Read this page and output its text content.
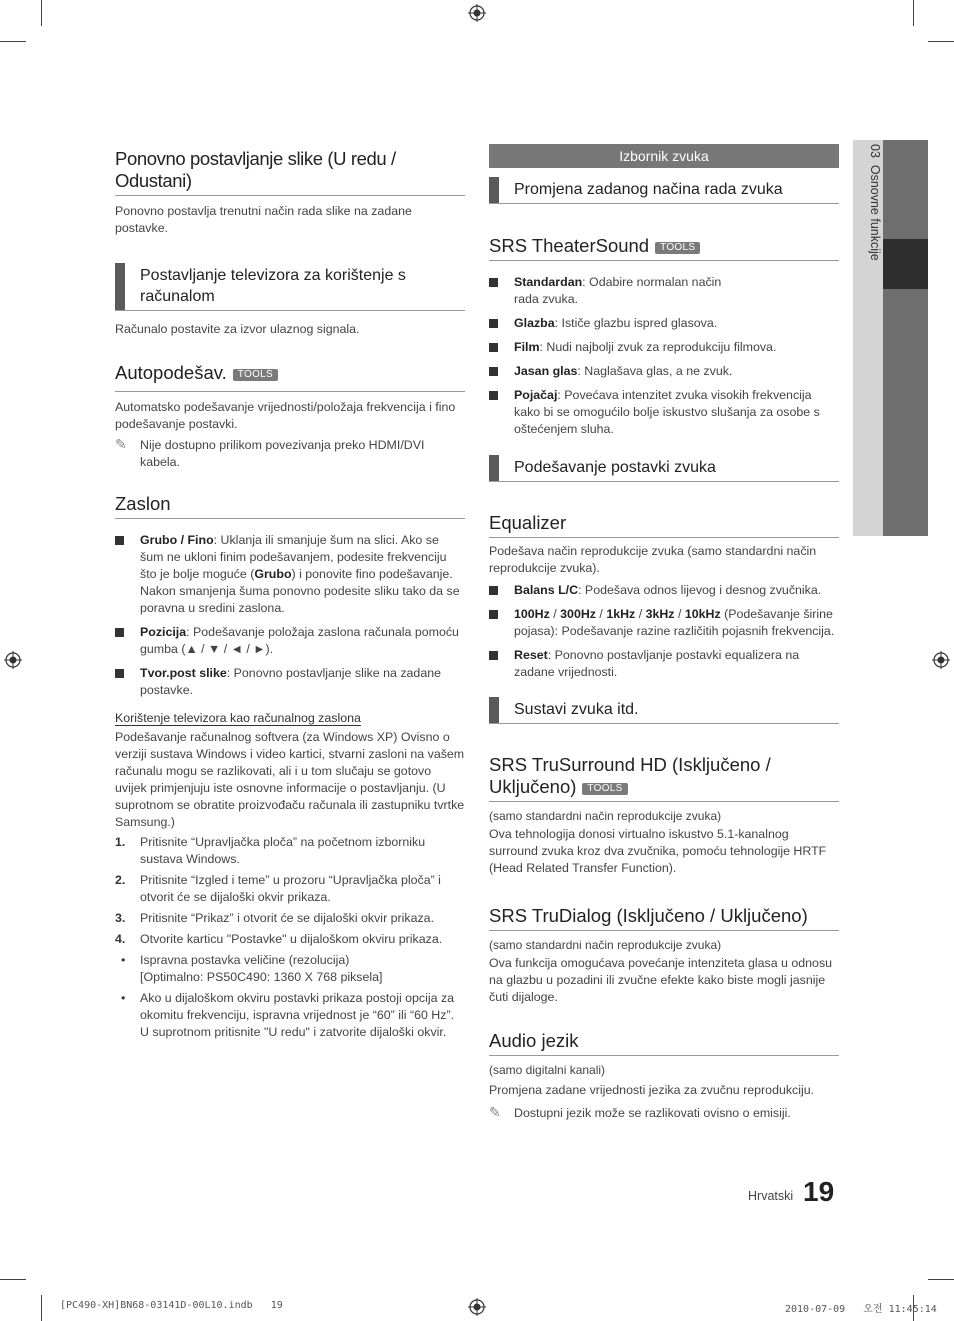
03  Osnovne funkcije
Ponovno postavljanje slike (U redu / Odustani)

Ponovno postavlja trenutni način rada slike na zadane postavke.

Postavljanje televizora za korištenje s računalom

Računalo postavite za izvor ulaznog signala.

Autopodešav. TOOLS

Automatsko podešavanje vrijednosti/položaja frekvencija i fino podešavanje postavki.

✎ Nije dostupno prilikom povezivanja preko HDMI/DVI kabela.
Zaslon
Grubo / Fino: Uklanja ili smanjuje šum na slici. Ako se šum ne ukloni finim podešavanjem, podesite frekvenciju što je bolje moguće (Grubo) i ponovite fino podešavanje. Nakon smanjenja šuma ponovno podesite sliku tako da se poravna u sredini zaslona.
Pozicija: Podešavanje položaja zaslona računala pomoću gumba (▲ / ▼ / ◄ / ►).
Tvor.post slike: Ponovno postavljanje slike na zadane postavke.
Korištenje televizora kao računalnog zaslona

Podešavanje računalnog softvera (za Windows XP) Ovisno o verziji sustava Windows i video kartici, stvarni zasloni na vašem računalu mogu se razlikovati, ali i u tom slučaju se gotovo uvijek primjenjuju iste osnovne informacije o postavljanju. (U suprotnom se obratite proizvođaču računala ili zastupniku tvrtke Samsung.)

1. Pritisnite “Upravljačka ploča” na početnom izborniku sustava Windows.
2. Pritisnite “Izgled i teme” u prozoru “Upravljačka ploča” i otvorit će se dijaloški okvir prikaza.
3. Pritisnite “Prikaz” i otvorit će se dijaloški okvir prikaza.
4. Otvorite karticu "Postavke" u dijaloškom okviru prikaza.
• Ispravna postavka veličine (rezolucija)
[Optimalno: PS50C490: 1360 X 768 piksela]
• Ako u dijaloškom okviru postavki prikaza postoji opcija za okomitu frekvenciju, ispravna vrijednost je “60” ili “60 Hz”. U suprotnom pritisnite "U redu" i zatvorite dijaloški okvir.
Izbornik zvuka
Promjena zadanog načina rada zvuka
SRS TheaterSound TOOLS
Standardan: Odabire normalan način rada zvuka.
Glazba: Ističe glazbu ispred glasova.
Film: Nudi najbolji zvuk za reprodukciju filmova.
Jasan glas: Naglašava glas, a ne zvuk.
Pojačaj: Povećava intenzitet zvuka visokih frekvencija kako bi se omogućilo bolje iskustvo slušanja za osobe s oštećenjem sluha.
Podešavanje postavki zvuka
Equalizer

Podešava način reprodukcije zvuka (samo standardni način reprodukcije zvuka).

Balans L/C: Podešava odnos lijevog i desnog zvučnika.
100Hz / 300Hz / 1kHz / 3kHz / 10kHz (Podešavanje širine pojasa): Podešavanje razine različitih pojasnih frekvencija.
Reset: Ponovno postavljanje postavki equalizera na zadane vrijednosti.
Sustavi zvuka itd.
SRS TruSurround HD (Isključeno / Uključeno) TOOLS

(samo standardni način reprodukcije zvuka)

Ova tehnologija donosi virtualno iskustvo 5.1-kanalnog surround zvuka kroz dva zvučnika, pomoću tehnologije HRTF (Head Related Transfer Function).

SRS TruDialog (Isključeno / Uključeno)

(samo standardni način reprodukcije zvuka)

Ova funkcija omogućava povećanje intenziteta glasa u odnosu na glazbu u pozadini ili zvučne efekte kako biste mogli jasnije čuti dijaloge.

Audio jezik

(samo digitalni kanali)

Promjena zadane vrijednosti jezika za zvučnu reprodukciju.

✎ Dostupni jezik može se razlikovati ovisno o emisiji.
Hrvatski 19
[PC490-XH]BN68-03141D-00L10.indb   19	2010-07-09   오전 11:45:14
